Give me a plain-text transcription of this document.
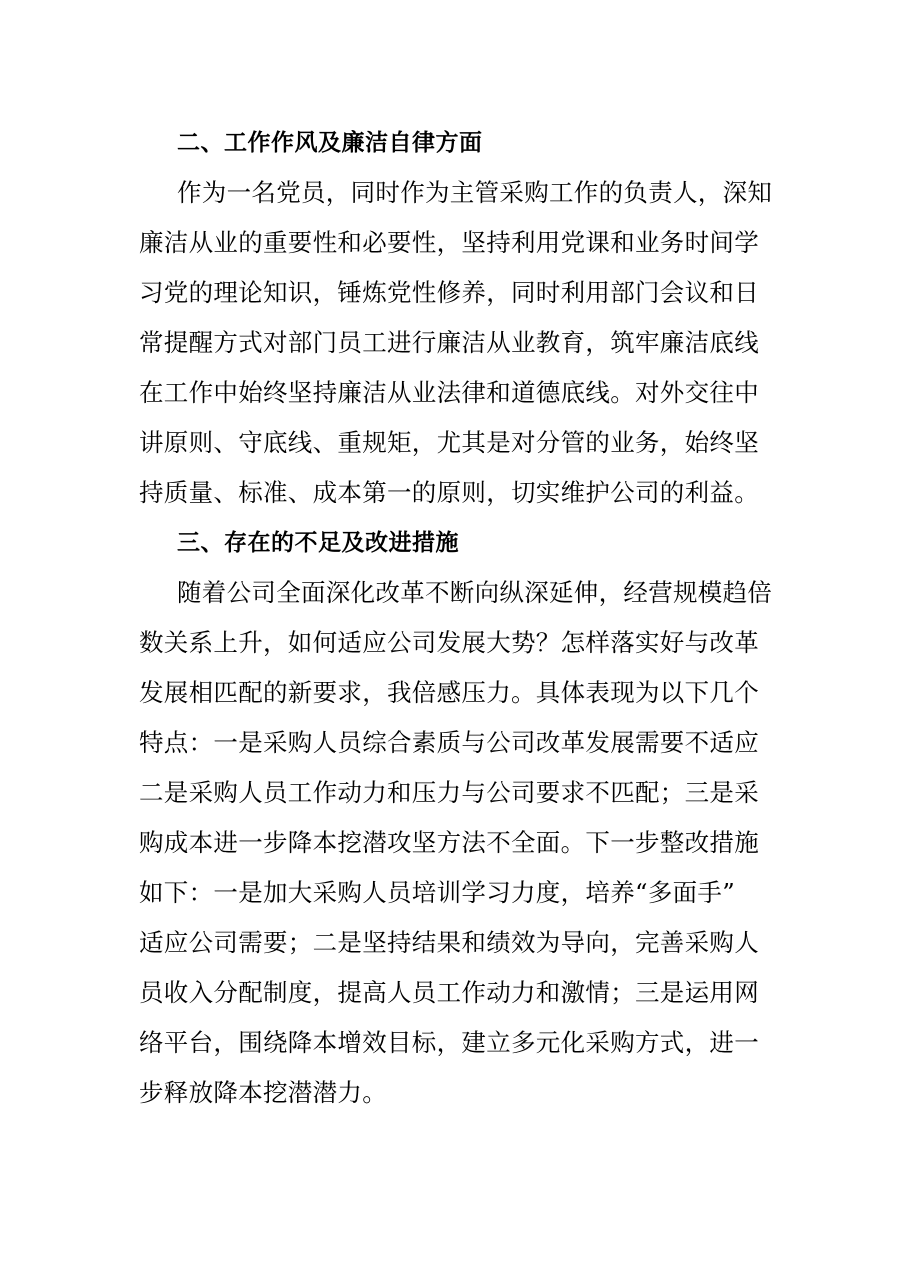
二、工作作风及廉洁自律方面
作为一名党员，同时作为主管采购工作的负责人，深知
廉洁从业的重要性和必要性，坚持利用党课和业务时间学
习党的理论知识，锤炼党性修养，同时利用部门会议和日
常提醒方式对部门员工进行廉洁从业教育，筑牢廉洁底线
在工作中始终坚持廉洁从业法律和道德底线。对外交往中
讲原则、守底线、重规矩，尤其是对分管的业务，始终坚
持质量、标准、成本第一的原则，切实维护公司的利益。
三、存在的不足及改进措施
随着公司全面深化改革不断向纵深延伸，经营规模趋倍
数关系上升，如何适应公司发展大势？怎样落实好与改革
发展相匹配的新要求，我倍感压力。具体表现为以下几个
特点：一是采购人员综合素质与公司改革发展需要不适应
二是采购人员工作动力和压力与公司要求不匹配；三是采
购成本进一步降本挖潜攻坚方法不全面。下一步整改措施
如下：一是加大采购人员培训学习力度，培养“多面手”
适应公司需要；二是坚持结果和绩效为导向，完善采购人
员收入分配制度，提高人员工作动力和激情；三是运用网
络平台，围绕降本增效目标，建立多元化采购方式，进一
步释放降本挖潜潜力。
